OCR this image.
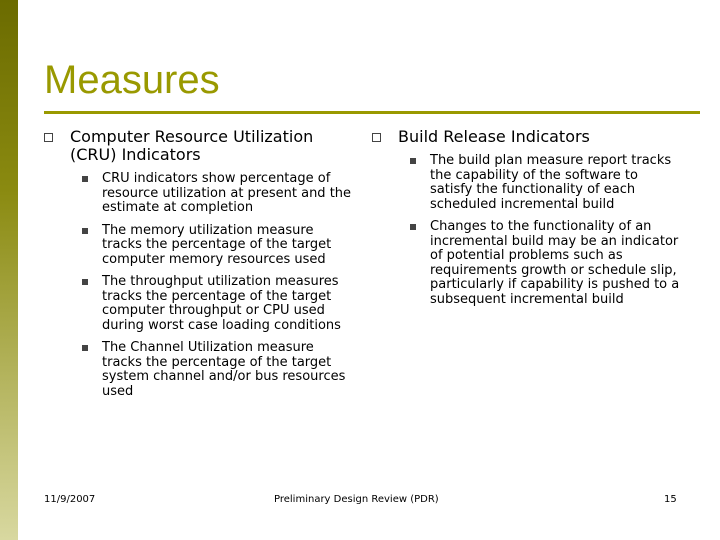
Measures
Computer Resource Utilization (CRU) Indicators
CRU indicators show percentage of resource utilization at present and the estimate at completion
The memory utilization measure tracks the percentage of the target computer memory resources used
The throughput utilization measures tracks the percentage of the target computer throughput or CPU used during worst case loading conditions
The Channel Utilization measure tracks the percentage of the target system channel and/or bus resources used
Build Release Indicators
The build plan measure report tracks the capability of the software to satisfy the functionality of each scheduled incremental build
Changes to the functionality of an incremental build may be an indicator of potential problems such as requirements growth or schedule slip, particularly if capability is pushed to a subsequent incremental build
11/9/2007	Preliminary Design Review (PDR)	15
